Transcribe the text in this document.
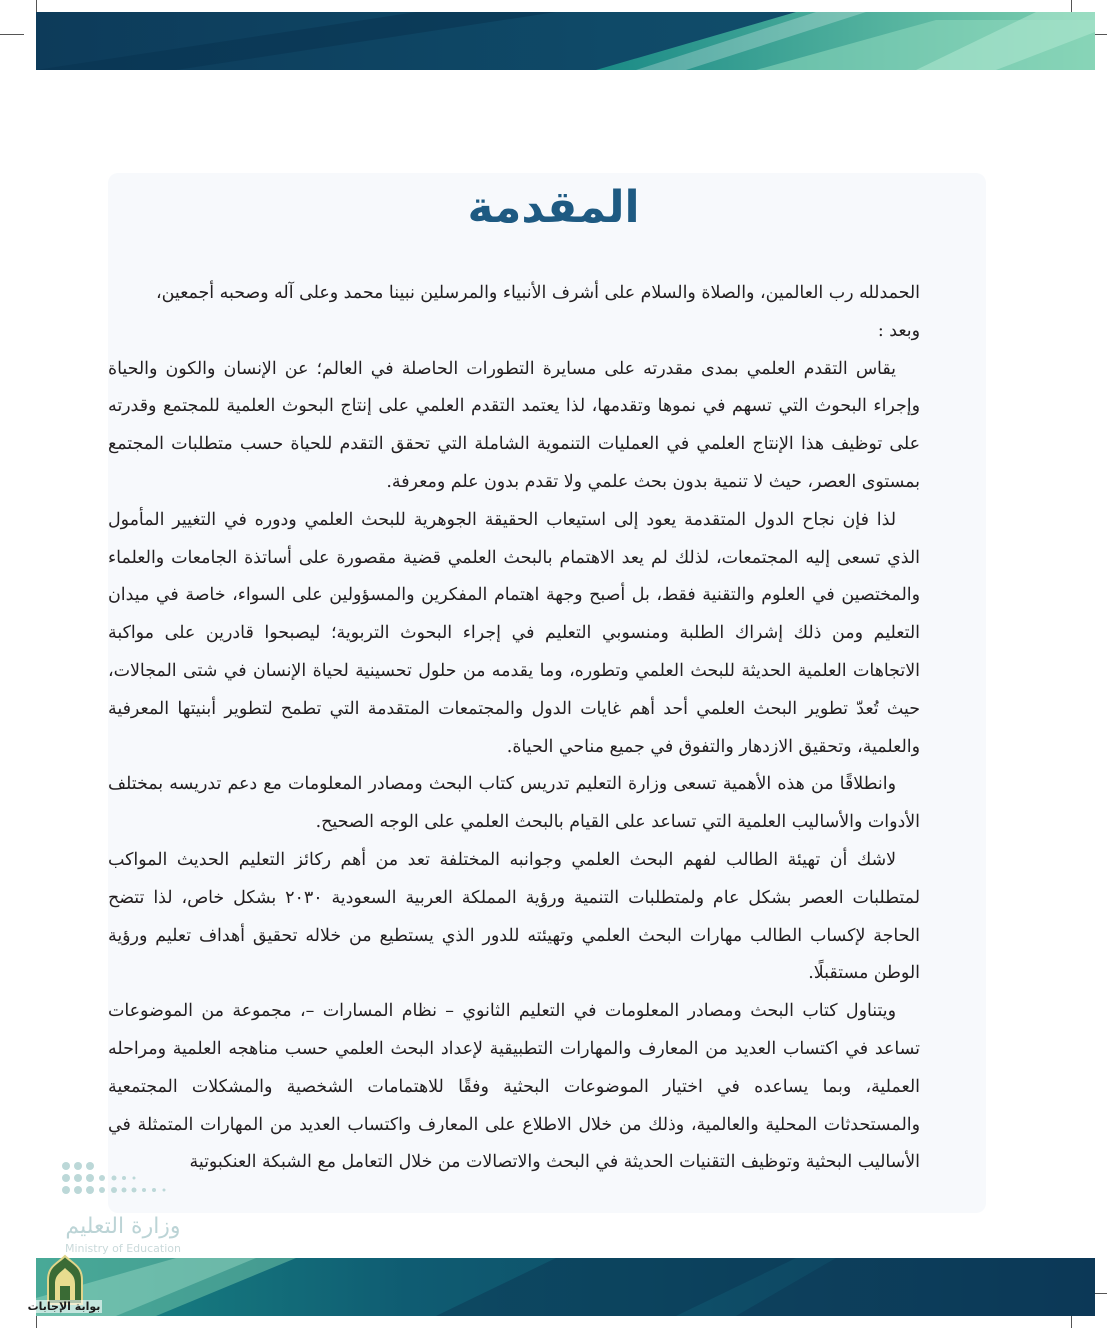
المقدمة

الحمدلله رب العالمين، والصلاة والسلام على أشرف الأنبياء والمرسلين نبينا محمد وعلى آله وصحبه أجمعين،

وبعد :

يقاس التقدم العلمي بمدى مقدرته على مسايرة التطورات الحاصلة في العالم؛ عن الإنسان والكون والحياة وإجراء البحوث التي تسهم في نموها وتقدمها، لذا يعتمد التقدم العلمي على إنتاج البحوث العلمية للمجتمع وقدرته على توظيف هذا الإنتاج العلمي في العمليات التنموية الشاملة التي تحقق التقدم للحياة حسب متطلبات المجتمع بمستوى العصر، حيث لا تنمية بدون بحث علمي ولا تقدم بدون علم ومعرفة.

لذا فإن نجاح الدول المتقدمة يعود إلى استيعاب الحقيقة الجوهرية للبحث العلمي ودوره في التغيير المأمول الذي تسعى إليه المجتمعات، لذلك لم يعد الاهتمام بالبحث العلمي قضية مقصورة على أساتذة الجامعات والعلماء والمختصين في العلوم والتقنية فقط، بل أصبح وجهة اهتمام المفكرين والمسؤولين على السواء، خاصة في ميدان التعليم ومن ذلك إشراك الطلبة ومنسوبي التعليم في إجراء البحوث التربوية؛ ليصبحوا قادرين على مواكبة الاتجاهات العلمية الحديثة للبحث العلمي وتطوره، وما يقدمه من حلول تحسينية لحياة الإنسان في شتى المجالات، حيث تُعدّ تطوير البحث العلمي أحد أهم غايات الدول والمجتمعات المتقدمة التي تطمح لتطوير أبنيتها المعرفية والعلمية، وتحقيق الازدهار والتفوق في جميع مناحي الحياة.

وانطلاقًا من هذه الأهمية تسعى وزارة التعليم تدريس كتاب البحث ومصادر المعلومات مع دعم تدريسه بمختلف الأدوات والأساليب العلمية التي تساعد على القيام بالبحث العلمي على الوجه الصحيح.

لاشك أن تهيئة الطالب لفهم البحث العلمي وجوانبه المختلفة تعد من أهم ركائز التعليم الحديث المواكب لمتطلبات العصر بشكل عام ولمتطلبات التنمية ورؤية المملكة العربية السعودية ٢٠٣٠ بشكل خاص، لذا تتضح الحاجة لإكساب الطالب مهارات البحث العلمي وتهيئته للدور الذي يستطيع من خلاله تحقيق أهداف تعليم ورؤية الوطن مستقبلًا.

ويتناول كتاب البحث ومصادر المعلومات في التعليم الثانوي – نظام المسارات –، مجموعة من الموضوعات تساعد في اكتساب العديد من المعارف والمهارات التطبيقية لإعداد البحث العلمي حسب مناهجه العلمية ومراحله العملية، وبما يساعده في اختيار الموضوعات البحثية وفقًا للاهتمامات الشخصية والمشكلات المجتمعية والمستحدثات المحلية والعالمية، وذلك من خلال الاطلاع على المعارف واكتساب العديد من المهارات المتمثلة في الأساليب البحثية وتوظيف التقنيات الحديثة في البحث والاتصالات من خلال التعامل مع الشبكة العنكبوتية

وزارة التعليم
Ministry of Education
بوابة الإجابات
